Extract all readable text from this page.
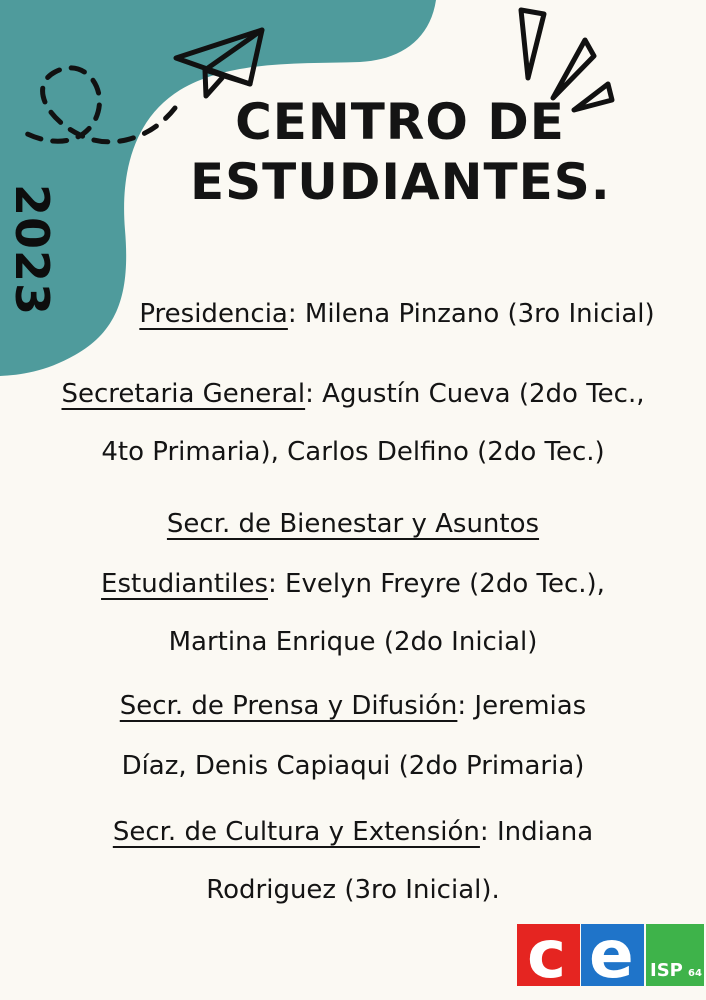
2023
CENTRO DE
ESTUDIANTES.
Presidencia: Milena Pinzano (3ro Inicial)
Secretaria General: Agustín Cueva (2do Tec.,
4to Primaria), Carlos Delfino (2do Tec.)
Secr. de Bienestar y Asuntos
Estudiantiles: Evelyn Freyre (2do Tec.),
Martina Enrique (2do Inicial)
Secr. de Prensa y Difusión: Jeremias
Díaz, Denis Capiaqui (2do Primaria)
Secr. de Cultura y Extensión: Indiana
Rodriguez (3ro Inicial).
c e ISP 64
